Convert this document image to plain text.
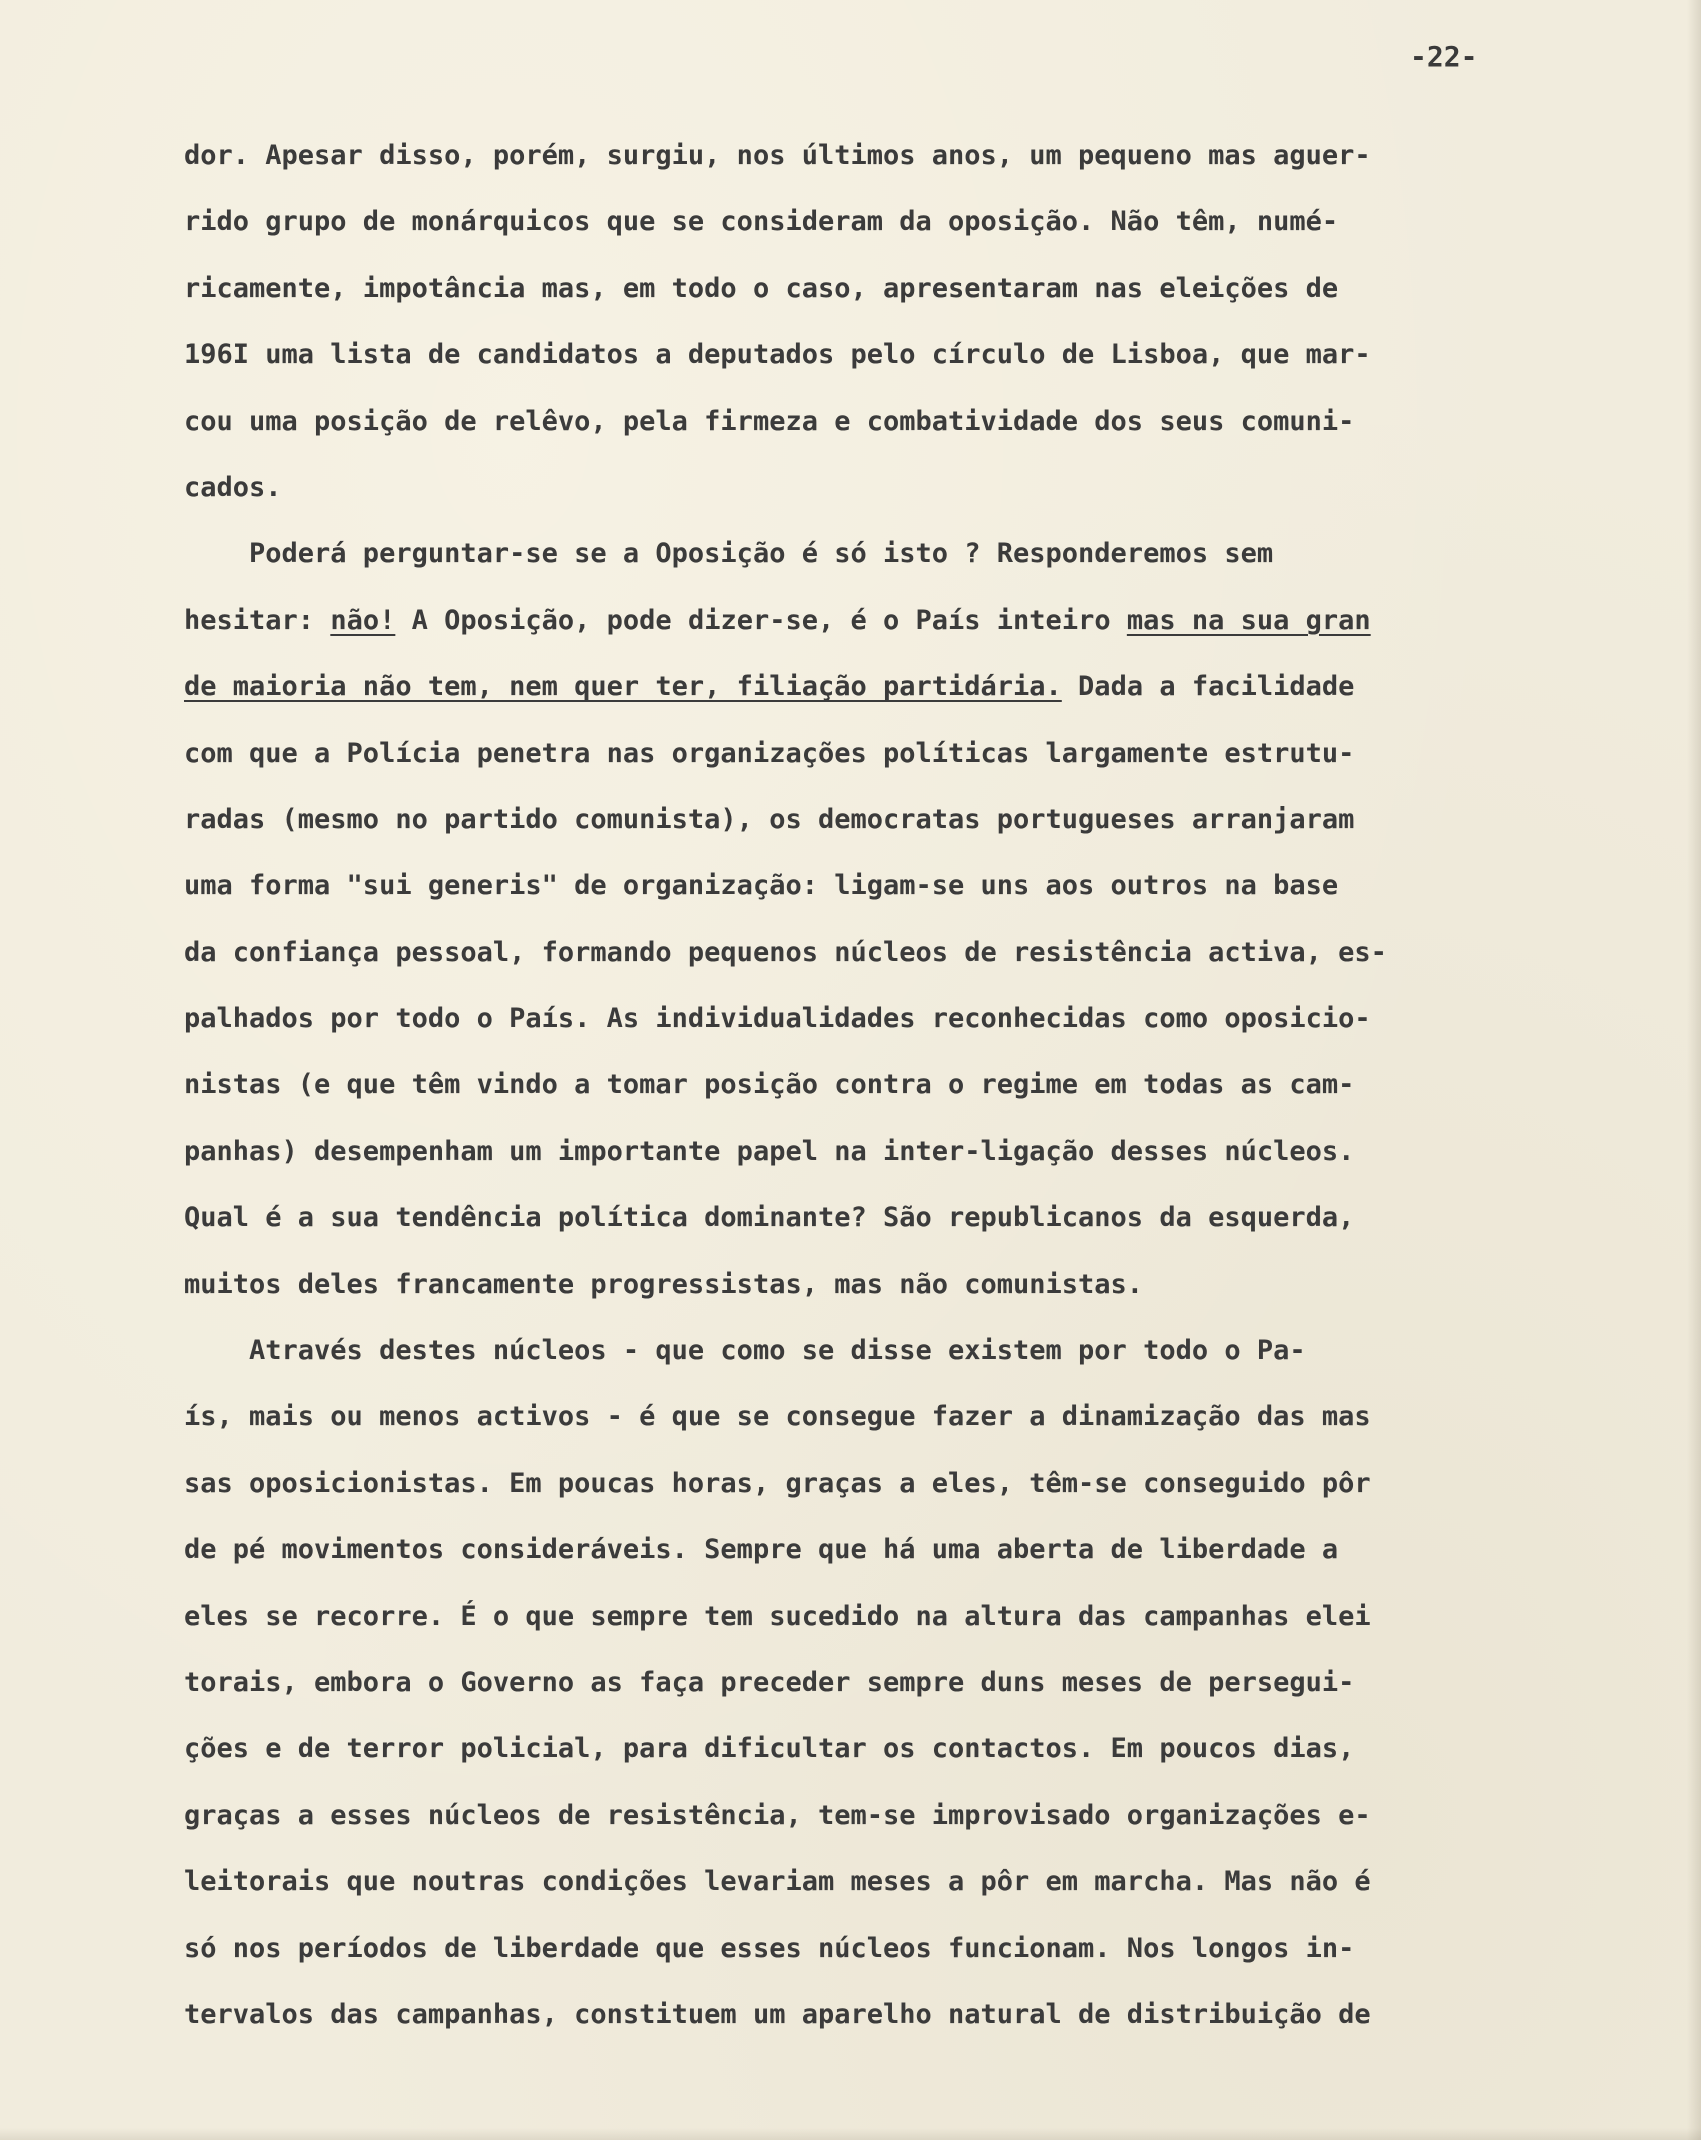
-22-

dor. Apesar disso, porém, surgiu, nos últimos anos, um pequeno mas aguer-
rido grupo de monárquicos que se consideram da oposição. Não têm, numé-
ricamente, impotância mas, em todo o caso, apresentaram nas eleições de
196I uma lista de candidatos a deputados pelo círculo de Lisboa, que mar-
cou uma posição de relêvo, pela firmeza e combatividade dos seus comuni-
cados.
Poderá perguntar-se se a Oposição é só isto ? Responderemos sem
hesitar: não! A Oposição, pode dizer-se, é o País inteiro mas na sua gran
de maioria não tem, nem quer ter, filiação partidária. Dada a facilidade
com que a Polícia penetra nas organizações políticas largamente estrutu-
radas (mesmo no partido comunista), os democratas portugueses arranjaram
uma forma "sui generis" de organização: ligam-se uns aos outros na base
da confiança pessoal, formando pequenos núcleos de resistência activa, es-
palhados por todo o País. As individualidades reconhecidas como oposicio-
nistas (e que têm vindo a tomar posição contra o regime em todas as cam-
panhas) desempenham um importante papel na inter-ligação desses núcleos.
Qual é a sua tendência política dominante? São republicanos da esquerda,
muitos deles francamente progressistas, mas não comunistas.
Através destes núcleos - que como se disse existem por todo o Pa-
ís, mais ou menos activos - é que se consegue fazer a dinamização das mas
sas oposicionistas. Em poucas horas, graças a eles, têm-se conseguido pôr
de pé movimentos consideráveis. Sempre que há uma aberta de liberdade a
eles se recorre. É o que sempre tem sucedido na altura das campanhas elei
torais, embora o Governo as faça preceder sempre duns meses de persegui-
ções e de terror policial, para dificultar os contactos. Em poucos dias,
graças a esses núcleos de resistência, tem-se improvisado organizações e-
leitorais que noutras condições levariam meses a pôr em marcha. Mas não é
só nos períodos de liberdade que esses núcleos funcionam. Nos longos in-
tervalos das campanhas, constituem um aparelho natural de distribuição de
